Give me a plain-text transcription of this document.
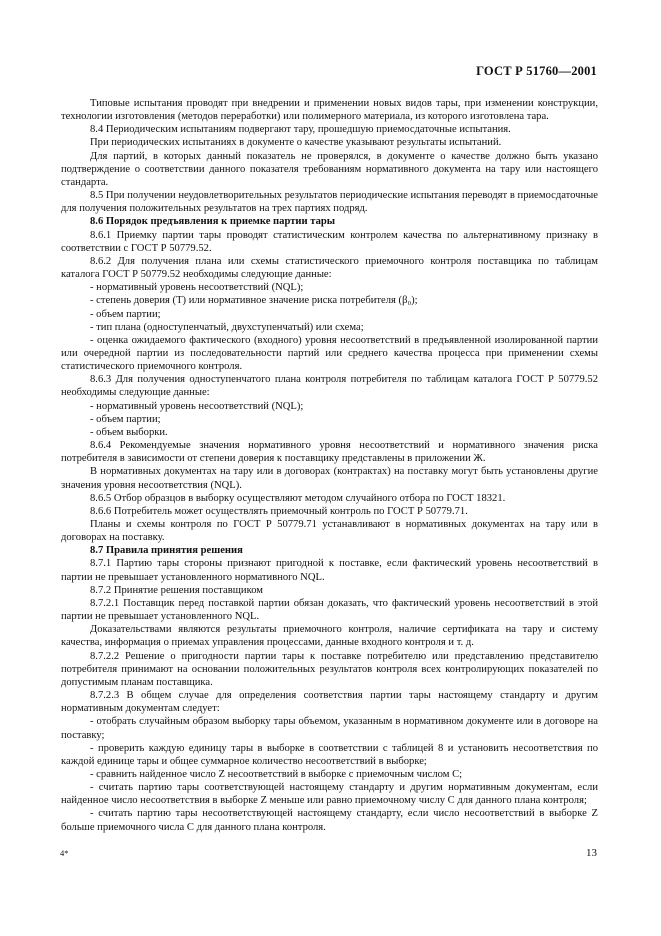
ГОСТ Р 51760—2001

Типовые испытания проводят при внедрении и применении новых видов тары, при изменении конструкции, технологии изготовления (методов переработки) или полимерного материала, из которого изготовлена тара.

8.4 Периодическим испытаниям подвергают тару, прошедшую приемосдаточные испытания.

При периодических испытаниях в документе о качестве указывают результаты испытаний.

Для партий, в которых данный показатель не проверялся, в документе о качестве должно быть указано подтверждение о соответствии данного показателя требованиям нормативного документа на тару или настоящего стандарта.

8.5 При получении неудовлетворительных результатов периодические испытания переводят в приемосдаточные для получения положительных результатов на трех партиях подряд.

8.6 Порядок предъявления к приемке партии тары

8.6.1 Приемку партии тары проводят статистическим контролем качества по альтернативному признаку в соответствии с ГОСТ Р 50779.52.

8.6.2 Для получения плана или схемы статистического приемочного контроля поставщика по таблицам каталога ГОСТ Р 50779.52 необходимы следующие данные:

- нормативный уровень несоответствий (NQL);

- степень доверия (Т) или нормативное значение риска потребителя (β₀);

- объем партии;

- тип плана (одноступенчатый, двухступенчатый) или схема;

- оценка ожидаемого фактического (входного) уровня несоответствий в предъявленной изолированной партии или очередной партии из последовательности партий или среднего качества процесса при применении схемы статистического приемочного контроля.

8.6.3 Для получения одноступенчатого плана контроля потребителя по таблицам каталога ГОСТ Р 50779.52 необходимы следующие данные:

- нормативный уровень несоответствий (NQL);

- объем партии;

- объем выборки.

8.6.4 Рекомендуемые значения нормативного уровня несоответствий и нормативного значения риска потребителя в зависимости от степени доверия к поставщику представлены в приложении Ж.

В нормативных документах на тару или в договорах (контрактах) на поставку могут быть установлены другие значения уровня несоответствия (NQL).

8.6.5 Отбор образцов в выборку осуществляют методом случайного отбора по ГОСТ 18321.

8.6.6 Потребитель может осуществлять приемочный контроль по ГОСТ Р 50779.71.

Планы и схемы контроля по ГОСТ Р 50779.71 устанавливают в нормативных документах на тару или в договорах на поставку.

8.7 Правила принятия решения

8.7.1 Партию тары стороны признают пригодной к поставке, если фактический уровень несоответствий в партии не превышает установленного нормативного NQL.

8.7.2 Принятие решения поставщиком

8.7.2.1 Поставщик перед поставкой партии обязан доказать, что фактический уровень несоответствий в этой партии не превышает установленного NQL.

Доказательствами являются результаты приемочного контроля, наличие сертификата на тару и систему качества, информация о приемах управления процессами, данные входного контроля и т. д.

8.7.2.2 Решение о пригодности партии тары к поставке потребителю или представлению представителю потребителя принимают на основании положительных результатов контроля всех контролирующих показателей по допустимым планам поставщика.

8.7.2.3 В общем случае для определения соответствия партии тары настоящему стандарту и другим нормативным документам следует:

- отобрать случайным образом выборку тары объемом, указанным в нормативном документе или в договоре на поставку;

- проверить каждую единицу тары в выборке в соответствии с таблицей 8 и установить несоответствия по каждой единице тары и общее суммарное количество несоответствий в выборке;

- сравнить найденное число Z несоответствий в выборке с приемочным числом C;

- считать партию тары соответствующей настоящему стандарту и другим нормативным документам, если найденное число несоответствия в выборке Z меньше или равно приемочному числу C для данного плана контроля;

- считать партию тары несоответствующей настоящему стандарту, если число несоответствий в выборке Z больше приемочного числа C для данного плана контроля.

4*	13
